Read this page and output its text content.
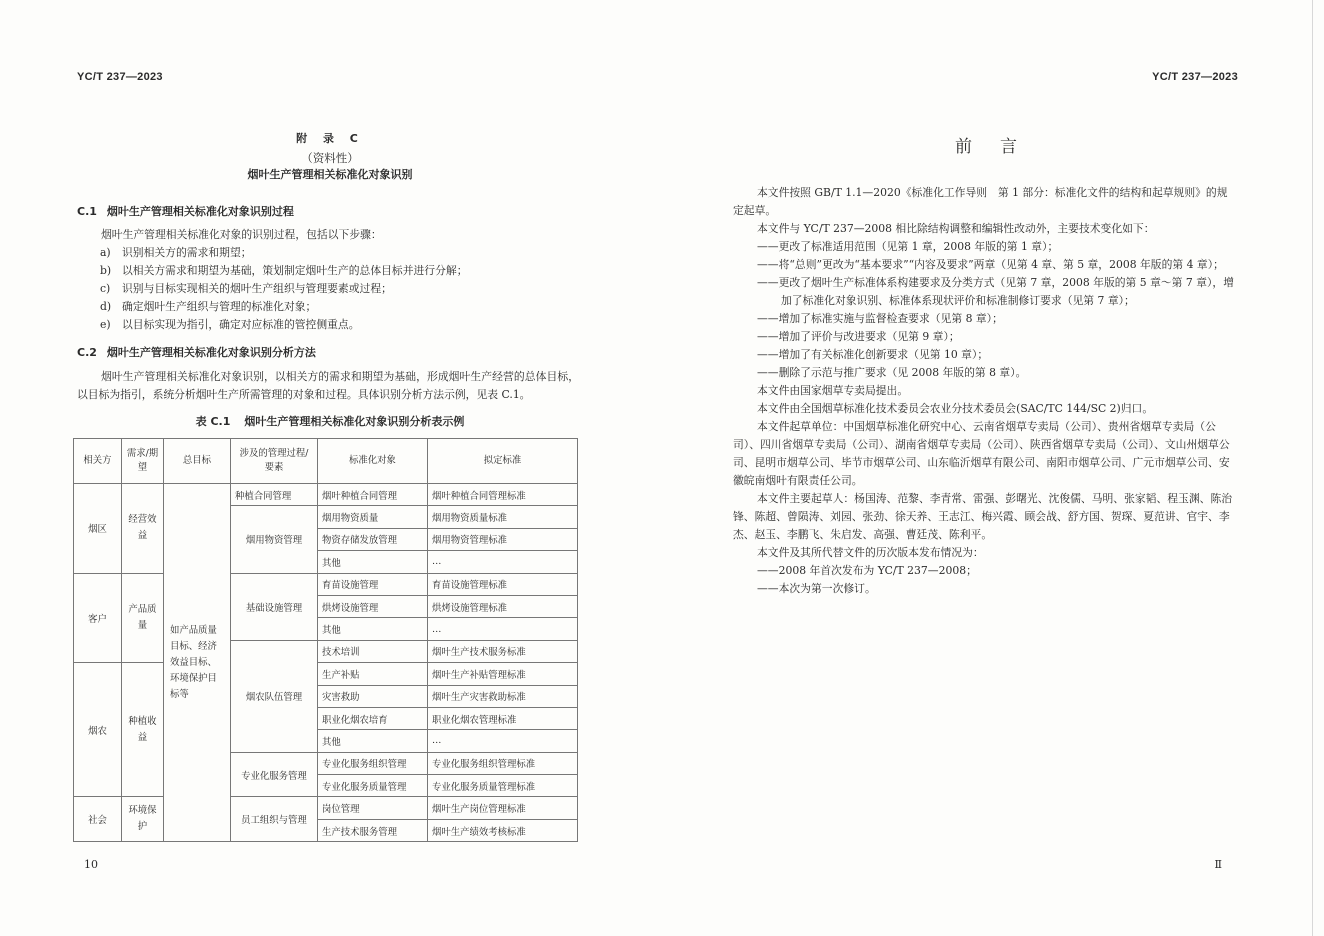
YC/T 237—2023
附 录 C
（资料性）
烟叶生产管理相关标准化对象识别
C.1 烟叶生产管理相关标准化对象识别过程
烟叶生产管理相关标准化对象的识别过程，包括以下步骤：
a) 识别相关方的需求和期望；
b) 以相关方需求和期望为基础，策划制定烟叶生产的总体目标并进行分解；
c) 识别与目标实现相关的烟叶生产组织与管理要素或过程；
d) 确定烟叶生产组织与管理的标准化对象；
e) 以目标实现为指引，确定对应标准的管控侧重点。
C.2 烟叶生产管理相关标准化对象识别分析方法
烟叶生产管理相关标准化对象识别，以相关方的需求和期望为基础，形成烟叶生产经营的总体目标，以目标为指引，系统分析烟叶生产所需管理的对象和过程。具体识别分析方法示例，见表 C.1。
表 C.1 烟叶生产管理相关标准化对象识别分析表示例
相关方	需求/期望	总目标	涉及的管理过程/要素	标准化对象	拟定标准
烟区	经营效益	如产品质量目标、经济效益目标、环境保护目标等	种植合同管理	烟叶种植合同管理	烟叶种植合同管理标准
			烟用物资管理	烟用物资质量	烟用物资质量标准
				物资存储发放管理	烟用物资管理标准
				其他	…
客户	产品质量		基础设施管理	育苗设施管理	育苗设施管理标准
				烘烤设施管理	烘烤设施管理标准
				其他	…
			烟农队伍管理	技术培训	烟叶生产技术服务标准
烟农	种植收益			生产补贴	烟叶生产补贴管理标准
				灾害救助	烟叶生产灾害救助标准
				职业化烟农培育	职业化烟农管理标准
				其他	…
			专业化服务管理	专业化服务组织管理	专业化服务组织管理标准
				专业化服务质量管理	专业化服务质量管理标准
社会	环境保护		员工组织与管理	岗位管理	烟叶生产岗位管理标准
				生产技术服务管理	烟叶生产绩效考核标准
10
YC/T 237—2023
前言
本文件按照 GB/T 1.1—2020《标准化工作导则　第 1 部分：标准化文件的结构和起草规则》的规定起草。
本文件与 YC/T 237—2008 相比除结构调整和编辑性改动外，主要技术变化如下：
——更改了标准适用范围（见第 1 章，2008 年版的第 1 章）；
——将“总则”更改为“基本要求”“内容及要求”两章（见第 4 章、第 5 章，2008 年版的第 4 章）；
——更改了烟叶生产标准体系构建要求及分类方式（见第 7 章，2008 年版的第 5 章～第 7 章），增
加了标准化对象识别、标准体系现状评价和标准制修订要求（见第 7 章）；
——增加了标准实施与监督检查要求（见第 8 章）；
——增加了评价与改进要求（见第 9 章）；
——增加了有关标准化创新要求（见第 10 章）；
——删除了示范与推广要求（见 2008 年版的第 8 章）。
本文件由国家烟草专卖局提出。
本文件由全国烟草标准化技术委员会农业分技术委员会(SAC/TC 144/SC 2)归口。
本文件起草单位：中国烟草标准化研究中心、云南省烟草专卖局（公司）、贵州省烟草专卖局（公司）、四川省烟草专卖局（公司）、湖南省烟草专卖局（公司）、陕西省烟草专卖局（公司）、文山州烟草公司、昆明市烟草公司、毕节市烟草公司、山东临沂烟草有限公司、南阳市烟草公司、广元市烟草公司、安徽皖南烟叶有限责任公司。
本文件主要起草人：杨国涛、范黎、李青常、雷强、彭曙光、沈俊儒、马明、张家韬、程玉渊、陈治锋、陈超、曾陨涛、刘园、张劲、徐天养、王志江、梅兴霞、顾会战、舒方国、贺琛、夏范讲、官宇、李杰、赵玉、李鹏飞、朱启发、高强、曹廷茂、陈利平。
本文件及其所代替文件的历次版本发布情况为：
——2008 年首次发布为 YC/T 237—2008；
——本次为第一次修订。
Ⅱ
